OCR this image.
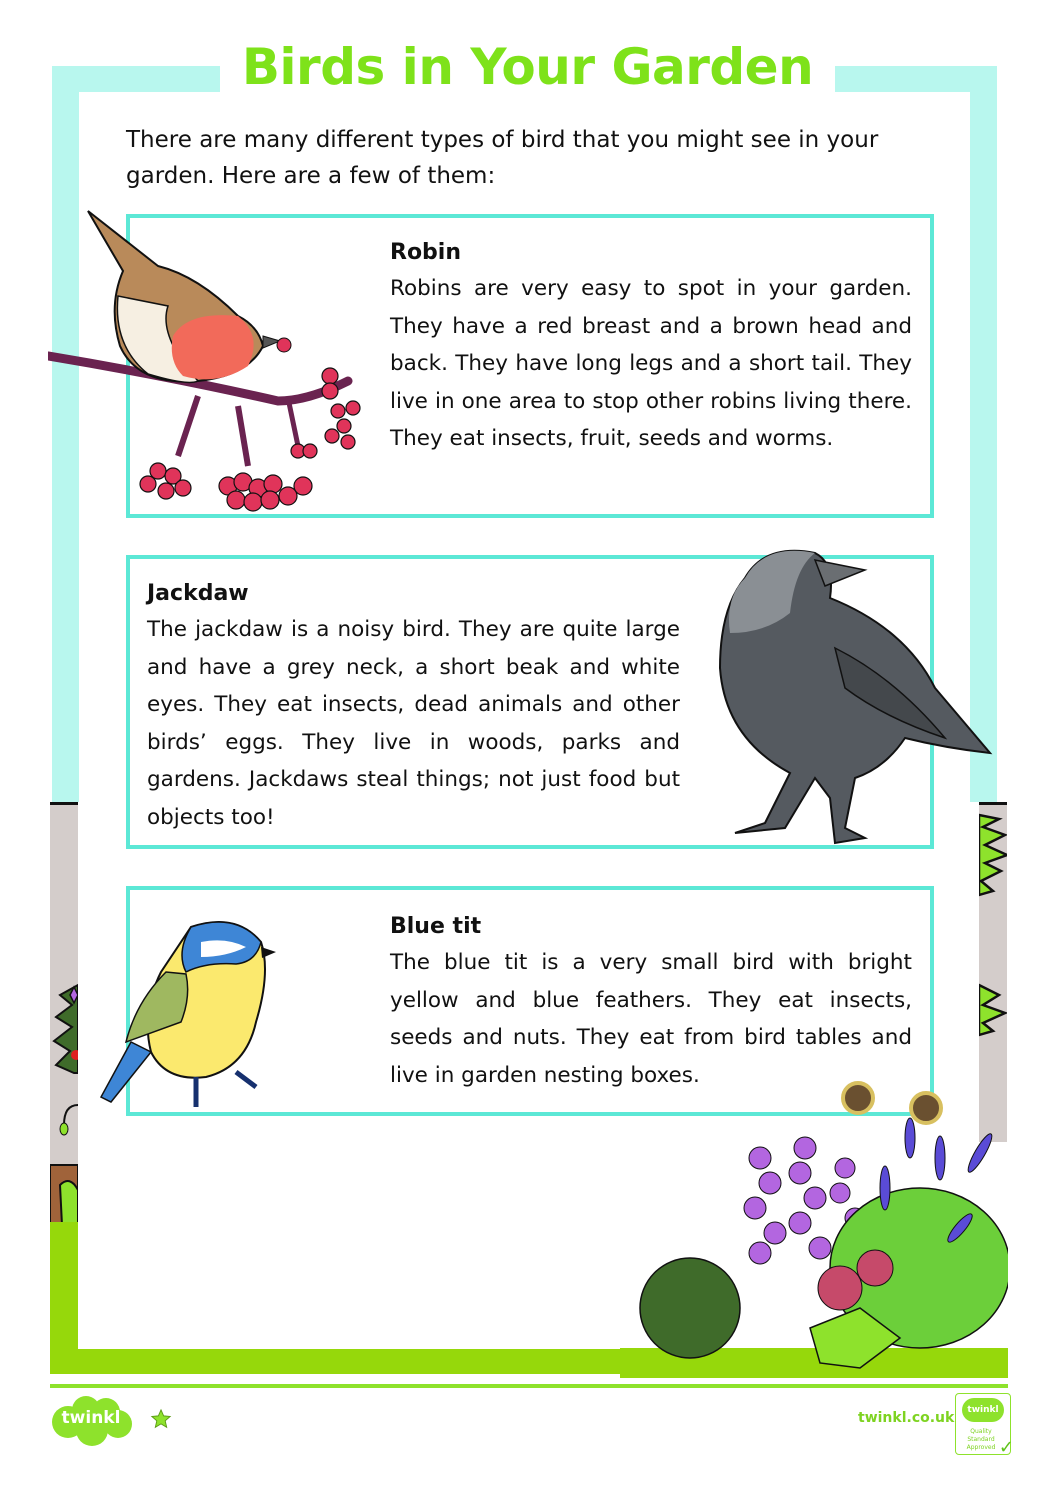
Birds in Your Garden

There are many different types of bird that you might see in your garden. Here are a few of them:

Robin

Robins are very easy to spot in your garden. They have a red breast and a brown head and back. They have long legs and a short tail. They live in one area to stop other robins living there. They eat insects, fruit, seeds and worms.

Jackdaw

The jackdaw is a noisy bird. They are quite large and have a grey neck, a short beak and white eyes. They eat insects, dead animals and other birds’ eggs. They live in woods, parks and gardens. Jackdaws steal things; not just food but objects too!

Blue tit

The blue tit is a very small bird with bright yellow and blue feathers. They eat insects, seeds and nuts. They eat from bird tables and live in garden nesting boxes.

twinkl	twinkl.co.uk	twinkl
Quality Standard Approved ✓
